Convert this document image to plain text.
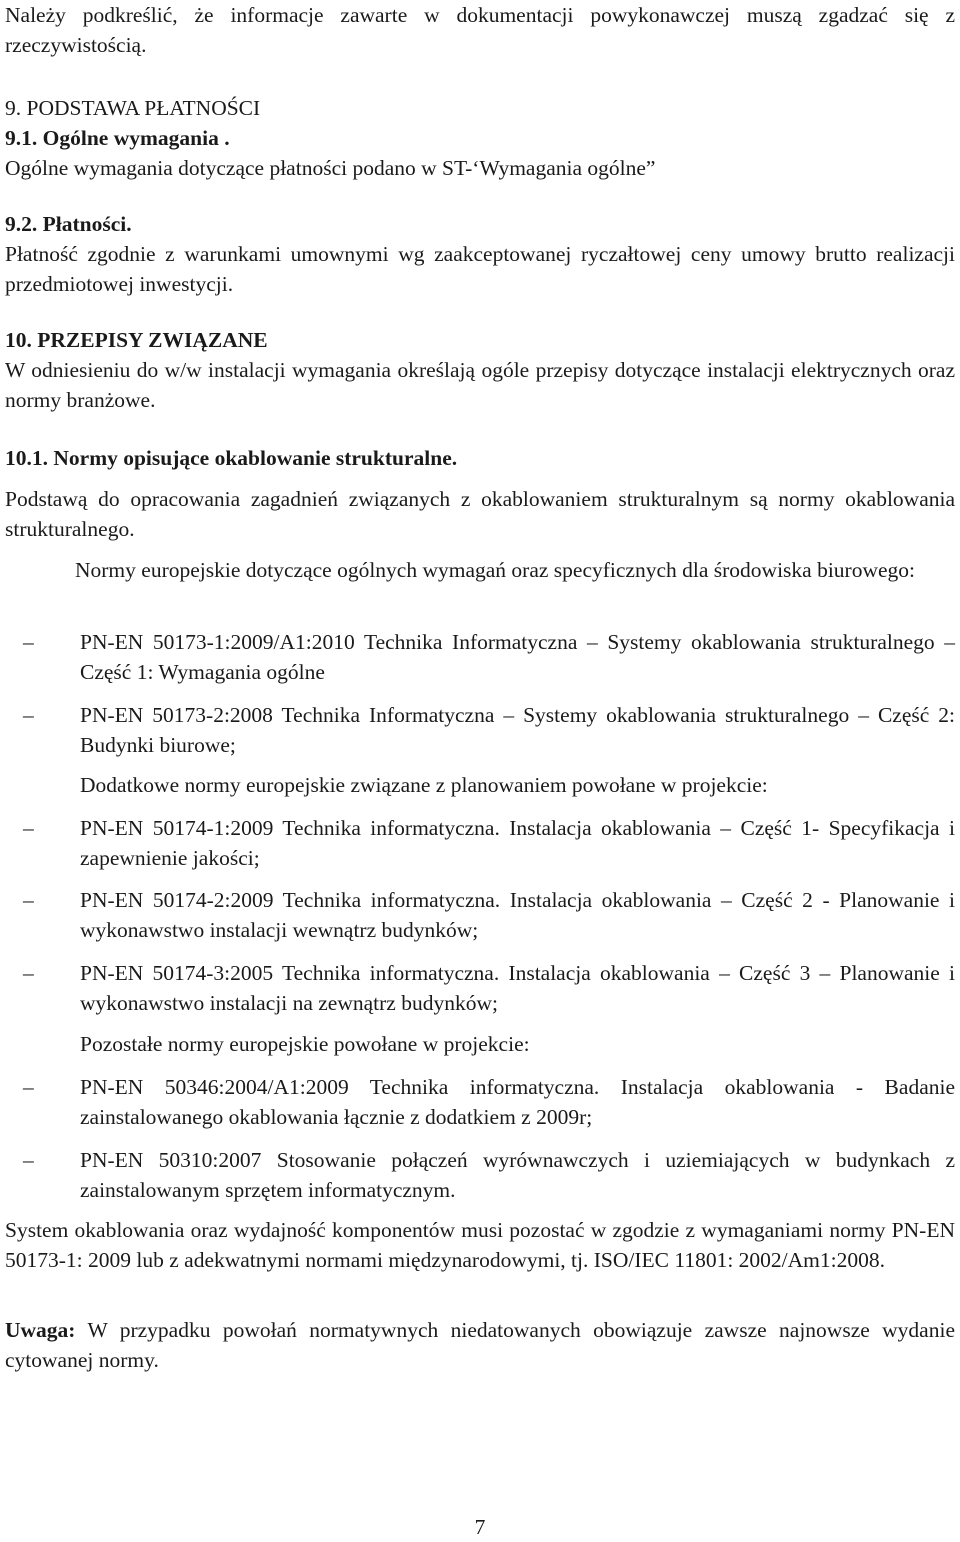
Należy podkreślić, że informacje zawarte w dokumentacji powykonawczej muszą zgadzać się z rzeczywistością.
9. PODSTAWA PŁATNOŚCI
9.1. Ogólne wymagania .
Ogólne wymagania dotyczące płatności podano w ST-‘Wymagania ogólne”
9.2. Płatności.
Płatność zgodnie z warunkami umownymi wg zaakceptowanej ryczałtowej ceny umowy brutto realizacji przedmiotowej inwestycji.
10. PRZEPISY ZWIĄZANE
W odniesieniu do w/w instalacji wymagania określają ogóle przepisy dotyczące instalacji elektrycznych oraz normy branżowe.
10.1. Normy opisujące okablowanie strukturalne.
Podstawą do opracowania zagadnień związanych z okablowaniem strukturalnym są normy okablowania strukturalnego.
Normy europejskie dotyczące ogólnych wymagań oraz specyficznych dla środowiska biurowego:
–	PN-EN 50173-1:2009/A1:2010 Technika Informatyczna – Systemy okablowania strukturalnego – Część 1: Wymagania ogólne
–	PN-EN 50173-2:2008 Technika Informatyczna – Systemy okablowania strukturalnego – Część 2: Budynki biurowe;
Dodatkowe normy europejskie związane z planowaniem powołane w projekcie:
–	PN-EN 50174-1:2009 Technika informatyczna. Instalacja okablowania – Część 1- Specyfikacja i zapewnienie jakości;
–	PN-EN 50174-2:2009 Technika informatyczna. Instalacja okablowania – Część 2 - Planowanie i wykonawstwo instalacji wewnątrz budynków;
–	PN-EN 50174-3:2005 Technika informatyczna. Instalacja okablowania – Część 3 – Planowanie i wykonawstwo instalacji na zewnątrz budynków;
Pozostałe normy europejskie powołane w projekcie:
–	PN-EN 50346:2004/A1:2009 Technika informatyczna. Instalacja okablowania - Badanie zainstalowanego okablowania łącznie z dodatkiem z 2009r;
–	PN-EN 50310:2007 Stosowanie połączeń wyrównawczych i uziemiających w budynkach z zainstalowanym sprzętem informatycznym.
System okablowania oraz wydajność komponentów musi pozostać w zgodzie z wymaganiami normy PN-EN 50173-1: 2009 lub z adekwatnymi normami międzynarodowymi, tj. ISO/IEC 11801: 2002/Am1:2008.
Uwaga: W przypadku powołań normatywnych niedatowanych obowiązuje zawsze najnowsze wydanie cytowanej normy.
7
